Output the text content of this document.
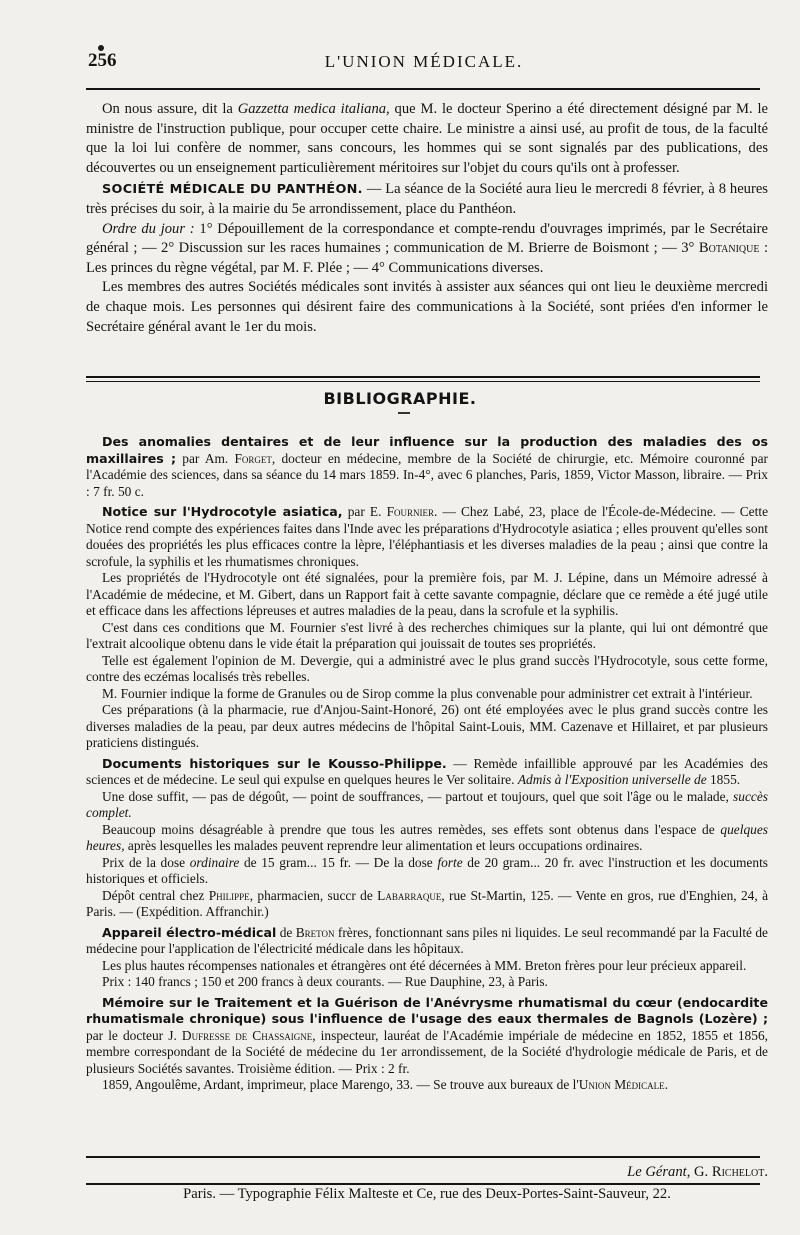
256	L'UNION MÉDICALE.

On nous assure, dit la Gazzetta medica italiana, que M. le docteur Sperino a été directement désigné par M. le ministre de l'instruction publique, pour occuper cette chaire. Le ministre a ainsi usé, au profit de tous, de la faculté que la loi lui confère de nommer, sans concours, les hommes qui se sont signalés par des publications, des découvertes ou un enseignement particulièrement méritoires sur l'objet du cours qu'ils ont à professer.

SOCIÉTÉ MÉDICALE DU PANTHÉON. — La séance de la Société aura lieu le mercredi 8 février, à 8 heures très précises du soir, à la mairie du 5e arrondissement, place du Panthéon.

Ordre du jour : 1° Dépouillement de la correspondance et compte-rendu d'ouvrages imprimés, par le Secrétaire général ; — 2° Discussion sur les races humaines ; communication de M. Brierre de Boismont ; — 3° Botanique : Les princes du règne végétal, par M. F. Plée ; — 4° Communications diverses.

Les membres des autres Sociétés médicales sont invités à assister aux séances qui ont lieu le deuxième mercredi de chaque mois. Les personnes qui désirent faire des communications à la Société, sont priées d'en informer le Secrétaire général avant le 1er du mois.

BIBLIOGRAPHIE.

Des anomalies dentaires et de leur influence sur la production des maladies des os maxillaires ; par Am. Forget, docteur en médecine, membre de la Société de chirurgie, etc. Mémoire couronné par l'Académie des sciences, dans sa séance du 14 mars 1859. In-4°, avec 6 planches, Paris, 1859, Victor Masson, libraire. — Prix : 7 fr. 50 c.

Notice sur l'Hydrocotyle asiatica, par E. Fournier. — Chez Labé, 23, place de l'École-de-Médecine. — Cette Notice rend compte des expériences faites dans l'Inde avec les préparations d'Hydrocotyle asiatica ; elles prouvent qu'elles sont douées des propriétés les plus efficaces contre la lèpre, l'éléphantiasis et les diverses maladies de la peau ; ainsi que contre la scrofule, la syphilis et les rhumatismes chroniques.

Les propriétés de l'Hydrocotyle ont été signalées, pour la première fois, par M. J. Lépine, dans un Mémoire adressé à l'Académie de médecine, et M. Gibert, dans un Rapport fait à cette savante compagnie, déclare que ce remède a été jugé utile et efficace dans les affections lépreuses et autres maladies de la peau, dans la scrofule et la syphilis.

C'est dans ces conditions que M. Fournier s'est livré à des recherches chimiques sur la plante, qui lui ont démontré que l'extrait alcoolique obtenu dans le vide était la préparation qui jouissait de toutes ses propriétés.

Telle est également l'opinion de M. Devergie, qui a administré avec le plus grand succès l'Hydrocotyle, sous cette forme, contre des eczémas localisés très rebelles.

M. Fournier indique la forme de Granules ou de Sirop comme la plus convenable pour administrer cet extrait à l'intérieur.

Ces préparations (à la pharmacie, rue d'Anjou-Saint-Honoré, 26) ont été employées avec le plus grand succès contre les diverses maladies de la peau, par deux autres médecins de l'hôpital Saint-Louis, MM. Cazenave et Hillairet, et par plusieurs praticiens distingués.

Documents historiques sur le Kousso-Philippe. — Remède infaillible approuvé par les Académies des sciences et de médecine. Le seul qui expulse en quelques heures le Ver solitaire. Admis à l'Exposition universelle de 1855.

Une dose suffit, — pas de dégoût, — point de souffrances, — partout et toujours, quel que soit l'âge ou le malade, succès complet.

Beaucoup moins désagréable à prendre que tous les autres remèdes, ses effets sont obtenus dans l'espace de quelques heures, après lesquelles les malades peuvent reprendre leur alimentation et leurs occupations ordinaires.

Prix de la dose ordinaire de 15 gram... 15 fr. — De la dose forte de 20 gram... 20 fr. avec l'instruction et les documents historiques et officiels.

Dépôt central chez Philippe, pharmacien, succr de Labarraque, rue St-Martin, 125. — Vente en gros, rue d'Enghien, 24, à Paris. — (Expédition. Affranchir.)

Appareil électro-médical de Breton frères, fonctionnant sans piles ni liquides. Le seul recommandé par la Faculté de médecine pour l'application de l'électricité médicale dans les hôpitaux.

Les plus hautes récompenses nationales et étrangères ont été décernées à MM. Breton frères pour leur précieux appareil.

Prix : 140 francs ; 150 et 200 francs à deux courants. — Rue Dauphine, 23, à Paris.

Mémoire sur le Traitement et la Guérison de l'Anévrysme rhumatismal du cœur (endocardite rhumatismale chronique) sous l'influence de l'usage des eaux thermales de Bagnols (Lozère) ; par le docteur J. Dufresse de Chassaigne, inspecteur, lauréat de l'Académie impériale de médecine en 1852, 1855 et 1856, membre correspondant de la Société de médecine du 1er arrondissement, de la Société d'hydrologie médicale de Paris, et de plusieurs Sociétés savantes. Troisième édition. — Prix : 2 fr.

1859, Angoulême, Ardant, imprimeur, place Marengo, 33. — Se trouve aux bureaux de l'Union Médicale.

Le Gérant, G. Richelot.
Paris. — Typographie Félix Malteste et Ce, rue des Deux-Portes-Saint-Sauveur, 22.
